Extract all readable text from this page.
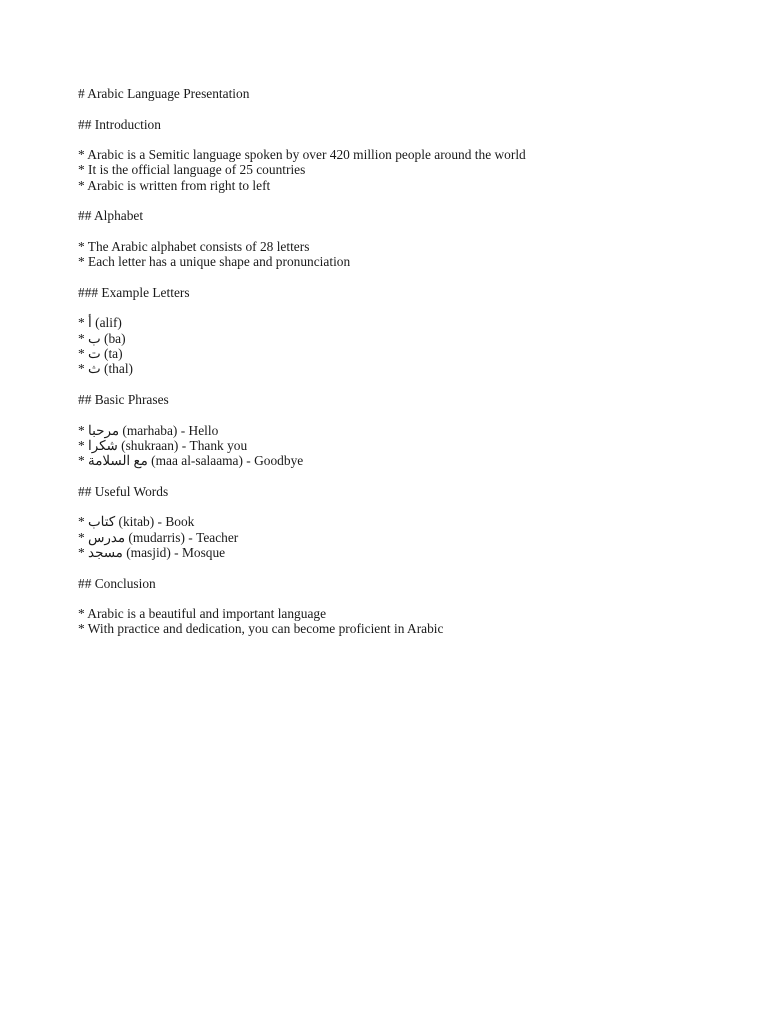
# Arabic Language Presentation
## Introduction
* Arabic is a Semitic language spoken by over 420 million people around the world
* It is the official language of 25 countries
* Arabic is written from right to left
## Alphabet
* The Arabic alphabet consists of 28 letters
* Each letter has a unique shape and pronunciation
### Example Letters
* أ (alif)
* ب (ba)
* ت (ta)
* ث (thal)
## Basic Phrases
* مرحبا (marhaba) - Hello
* شكرا (shukraan) - Thank you
* مع السلامة (maa al-salaama) - Goodbye
## Useful Words
* كتاب (kitab) - Book
* مدرس (mudarris) - Teacher
* مسجد (masjid) - Mosque
## Conclusion
* Arabic is a beautiful and important language
* With practice and dedication, you can become proficient in Arabic
